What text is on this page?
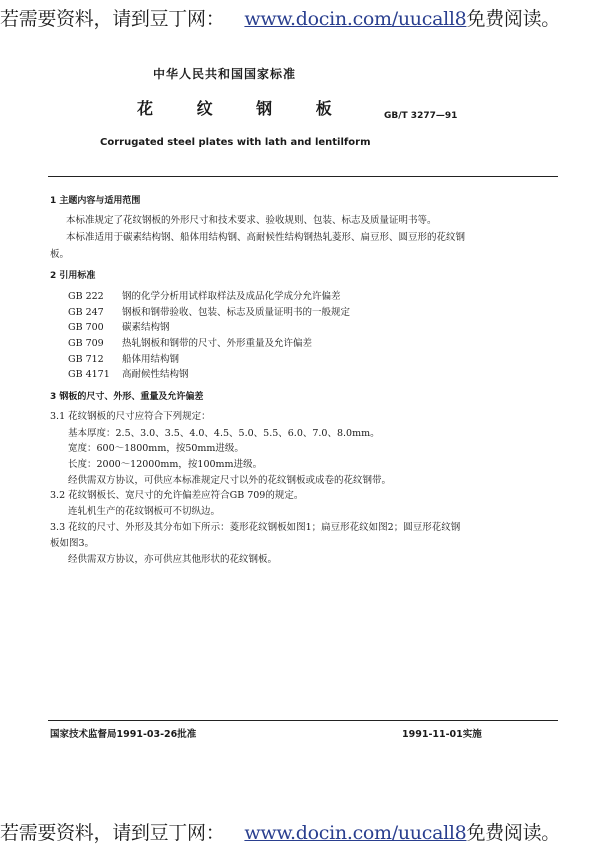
若需要资料，请到豆丁网： www.docin.com/uucall8免费阅读。
中华人民共和国国家标准
花 纹 钢 板	GB/T 3277—91
Corrugated steel plates with lath and lentilform
1 主题内容与适用范围
本标准规定了花纹钢板的外形尺寸和技术要求、验收规则、包装、标志及质量证明书等。
本标准适用于碳素结构钢、船体用结构钢、高耐候性结构钢热轧菱形、扁豆形、圆豆形的花纹钢
板。
2 引用标准
GB 222 钢的化学分析用试样取样法及成品化学成分允许偏差
GB 247 钢板和钢带验收、包装、标志及质量证明书的一般规定
GB 700 碳素结构钢
GB 709 热轧钢板和钢带的尺寸、外形重量及允许偏差
GB 712 船体用结构钢
GB 4171 高耐候性结构钢
3 钢板的尺寸、外形、重量及允许偏差
3.1 花纹钢板的尺寸应符合下列规定：
基本厚度：2.5、3.0、3.5、4.0、4.5、5.0、5.5、6.0、7.0、8.0mm。
宽度：600～1800mm，按50mm进级。
长度：2000～12000mm，按100mm进级。
经供需双方协议，可供应本标准规定尺寸以外的花纹钢板或成卷的花纹钢带。
3.2 花纹钢板长、宽尺寸的允许偏差应符合GB 709的规定。
连轧机生产的花纹钢板可不切纵边。
3.3 花纹的尺寸、外形及其分布如下所示：菱形花纹钢板如图1；扁豆形花纹如图2；圆豆形花纹钢
板如图3。
经供需双方协议，亦可供应其他形状的花纹钢板。
国家技术监督局1991-03-26批准	1991-11-01实施
若需要资料，请到豆丁网： www.docin.com/uucall8免费阅读。
